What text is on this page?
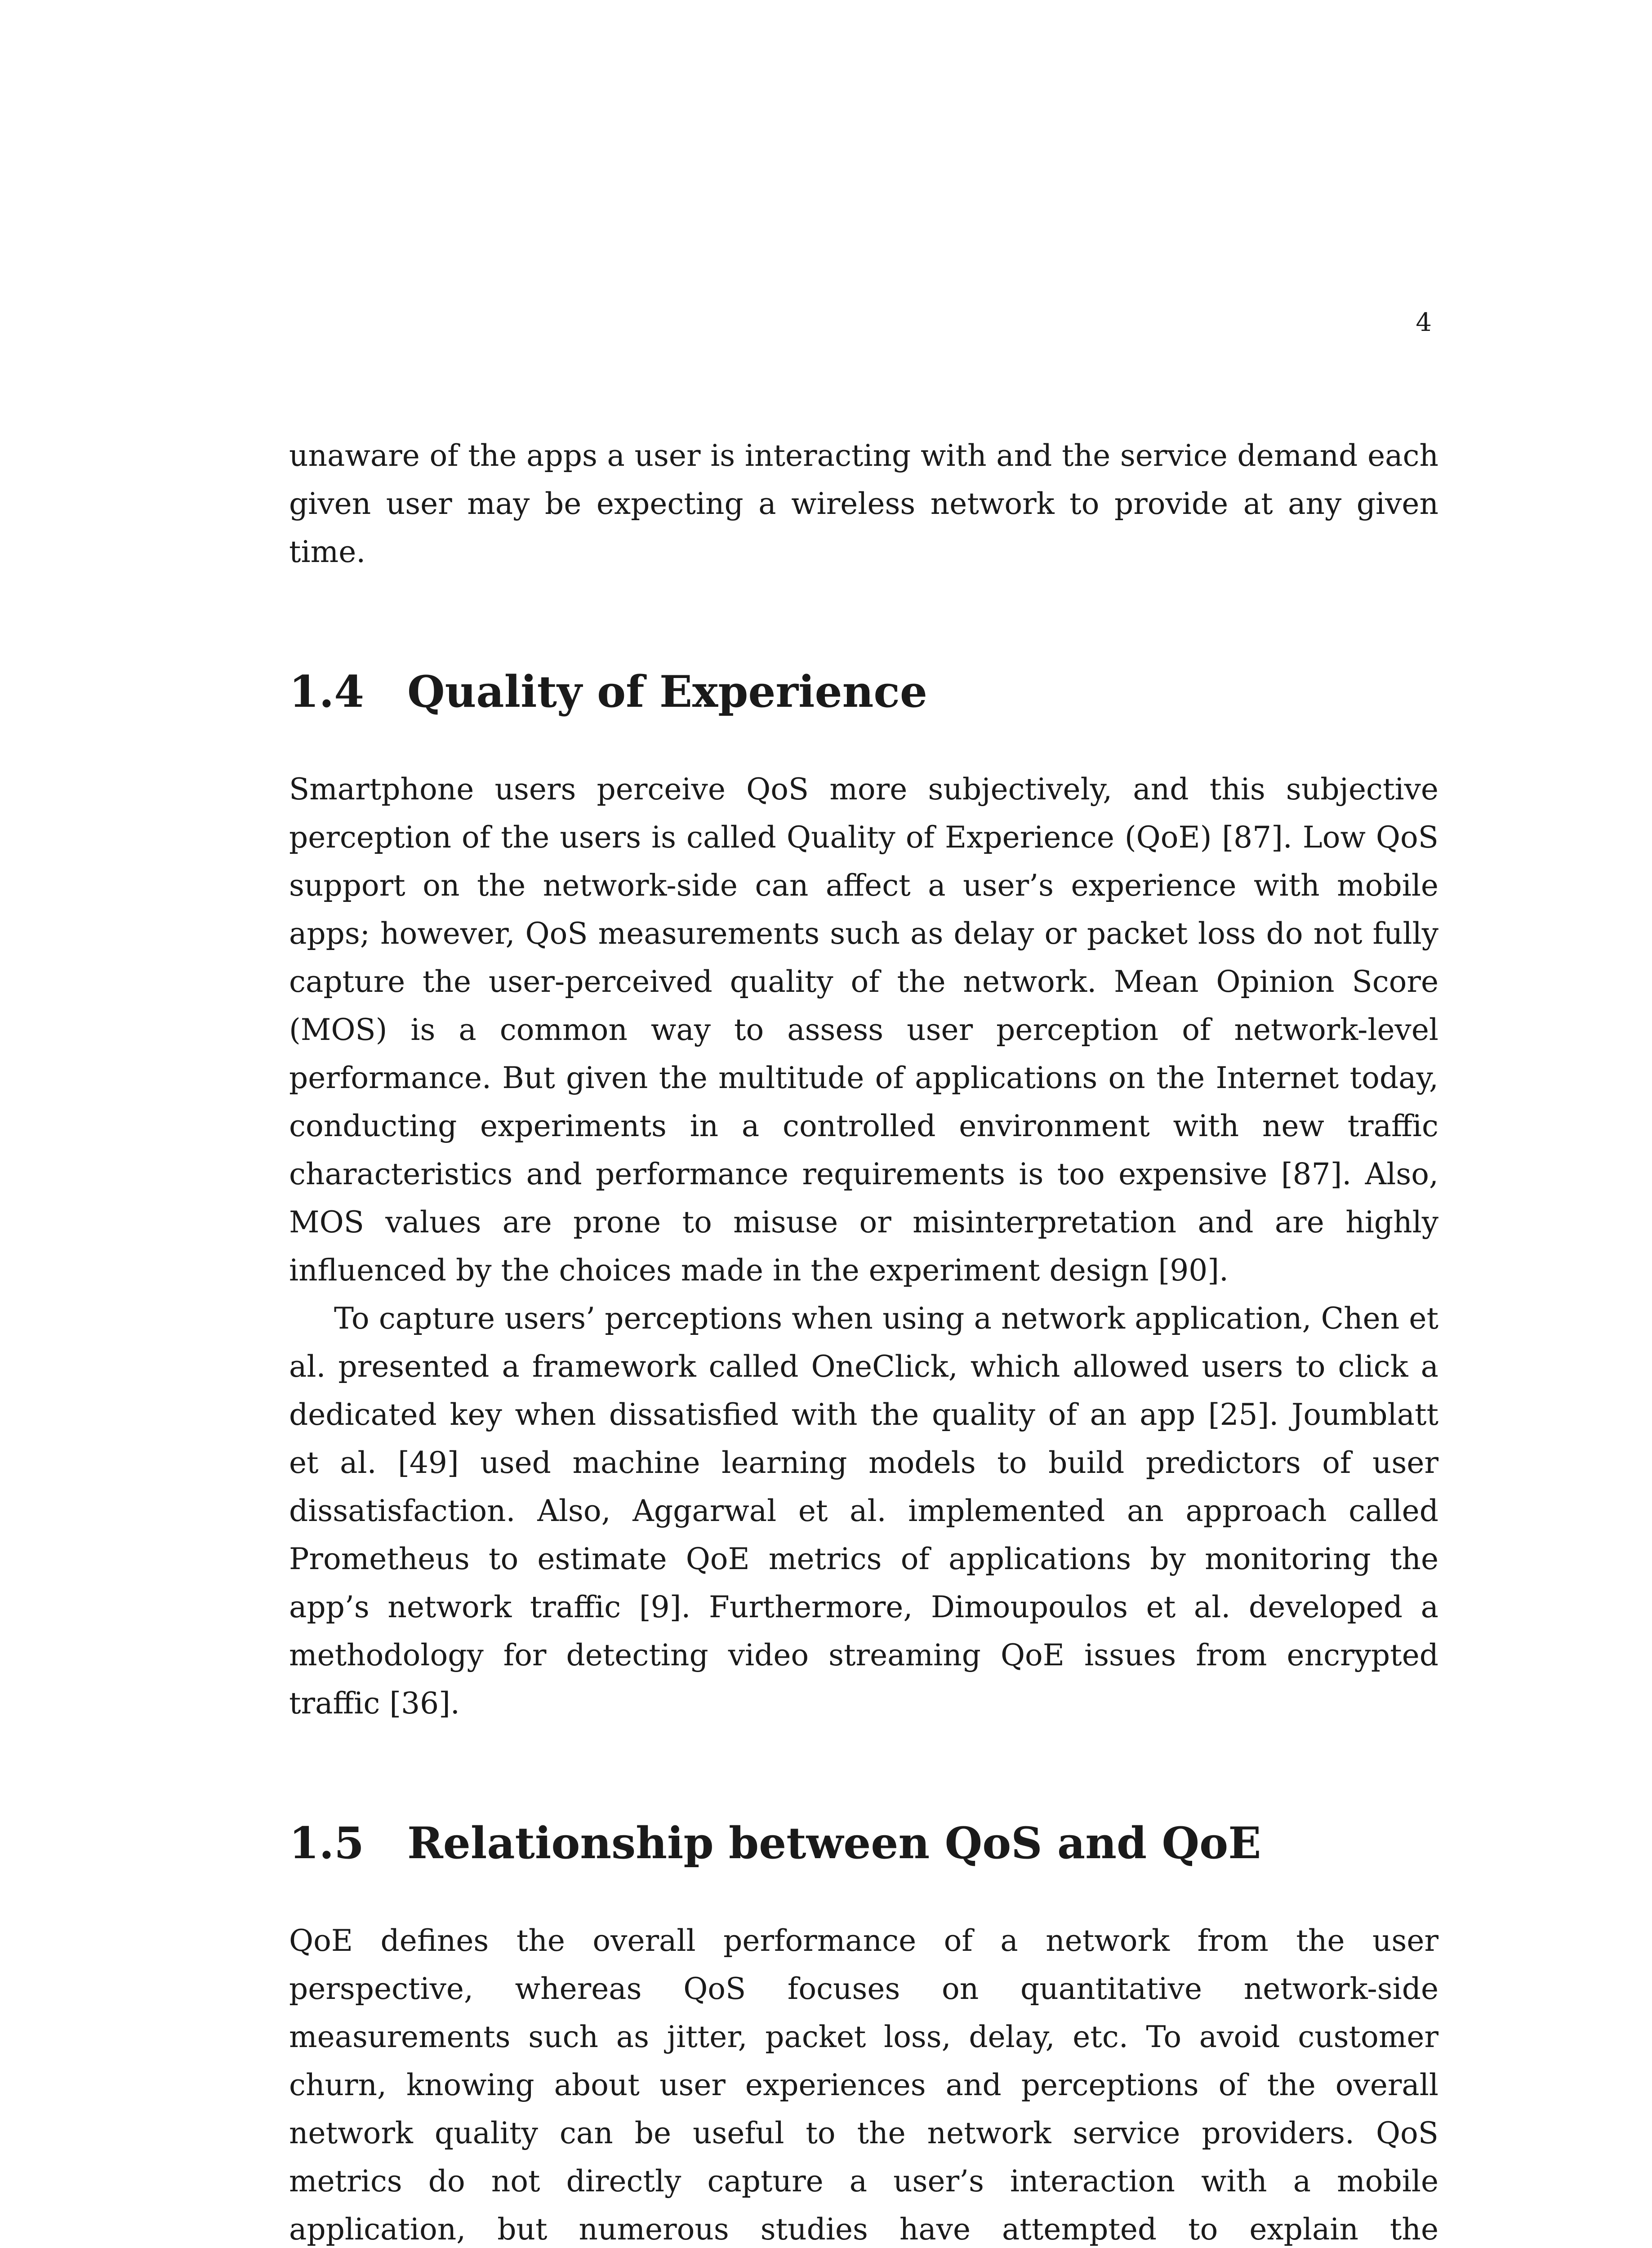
4

unaware of the apps a user is interacting with and the service demand each given user may be expecting a wireless network to provide at any given time.

1.4 Quality of Experience

Smartphone users perceive QoS more subjectively, and this subjective perception of the users is called Quality of Experience (QoE) [87]. Low QoS support on the network-side can affect a user’s experience with mobile apps; however, QoS measurements such as delay or packet loss do not fully capture the user-perceived quality of the network. Mean Opinion Score (MOS) is a common way to assess user perception of network-level performance. But given the multitude of applications on the Internet today, conducting experiments in a controlled environment with new traffic characteristics and performance requirements is too expensive [87]. Also, MOS values are prone to misuse or misinterpretation and are highly influenced by the choices made in the experiment design [90].

To capture users’ perceptions when using a network application, Chen et al. presented a framework called OneClick, which allowed users to click a dedicated key when dissatisfied with the quality of an app [25]. Joumblatt et al. [49] used machine learning models to build predictors of user dissatisfaction. Also, Aggarwal et al. implemented an approach called Prometheus to estimate QoE metrics of applications by monitoring the app’s network traffic [9]. Furthermore, Dimoupoulos et al. developed a methodology for detecting video streaming QoE issues from encrypted traffic [36].

1.5 Relationship between QoS and QoE

QoE defines the overall performance of a network from the user perspective, whereas QoS focuses on quantitative network-side measurements such as jitter, packet loss, delay, etc. To avoid customer churn, knowing about user experiences and perceptions of the overall network quality can be useful to the network service providers. QoS metrics do not directly capture a user’s interaction with a mobile application, but numerous studies have attempted to explain the
